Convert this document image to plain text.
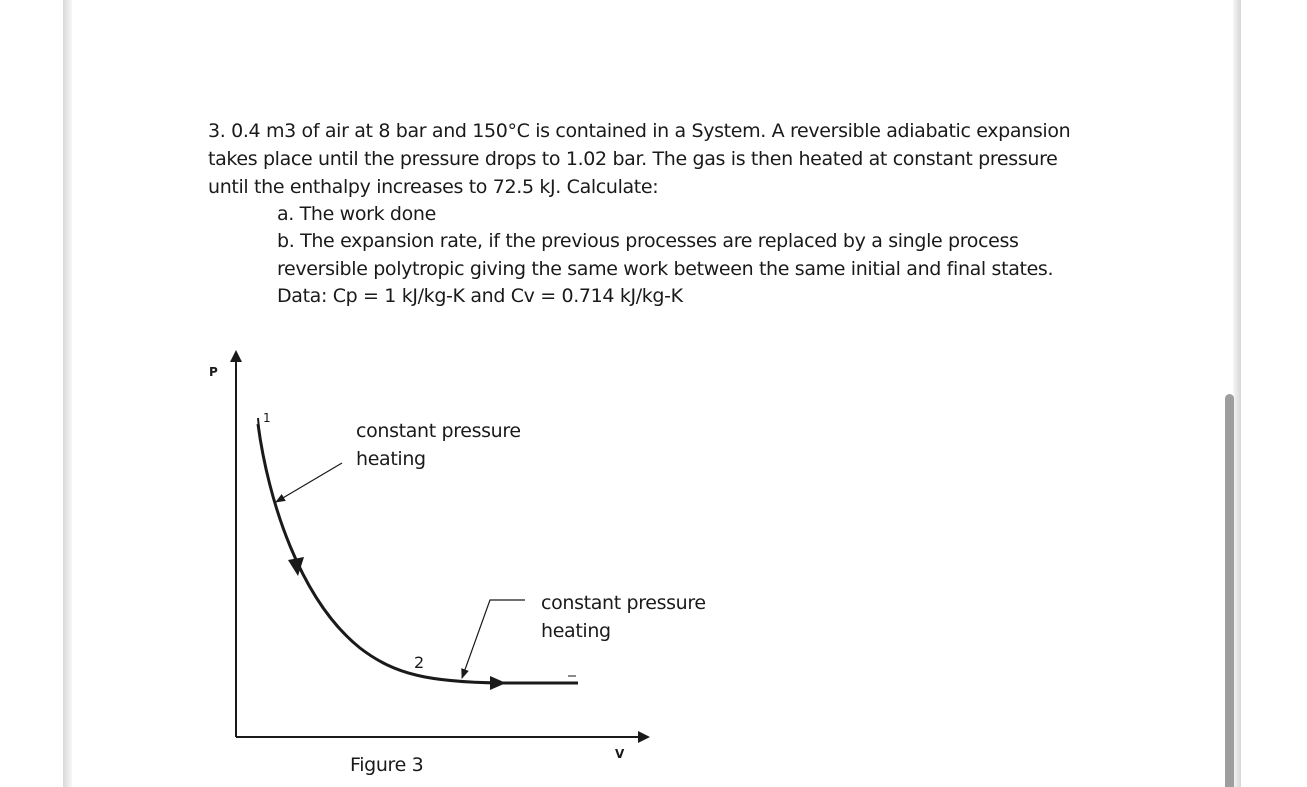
3. 0.4 m3 of air at 8 bar and 150°C is contained in a System. A reversible adiabatic expansion takes place until the pressure drops to 1.02 bar. The gas is then heated at constant pressure until the enthalpy increases to 72.5 kJ. Calculate:

a. The work done

b. The expansion rate, if the previous processes are replaced by a single process reversible polytropic giving the same work between the same initial and final states.

Data: Cp = 1 kJ/kg-K and Cv = 0.714 kJ/kg-K

P
V
1
2
constant pressure
heating
constant pressure
heating
Figure 3
